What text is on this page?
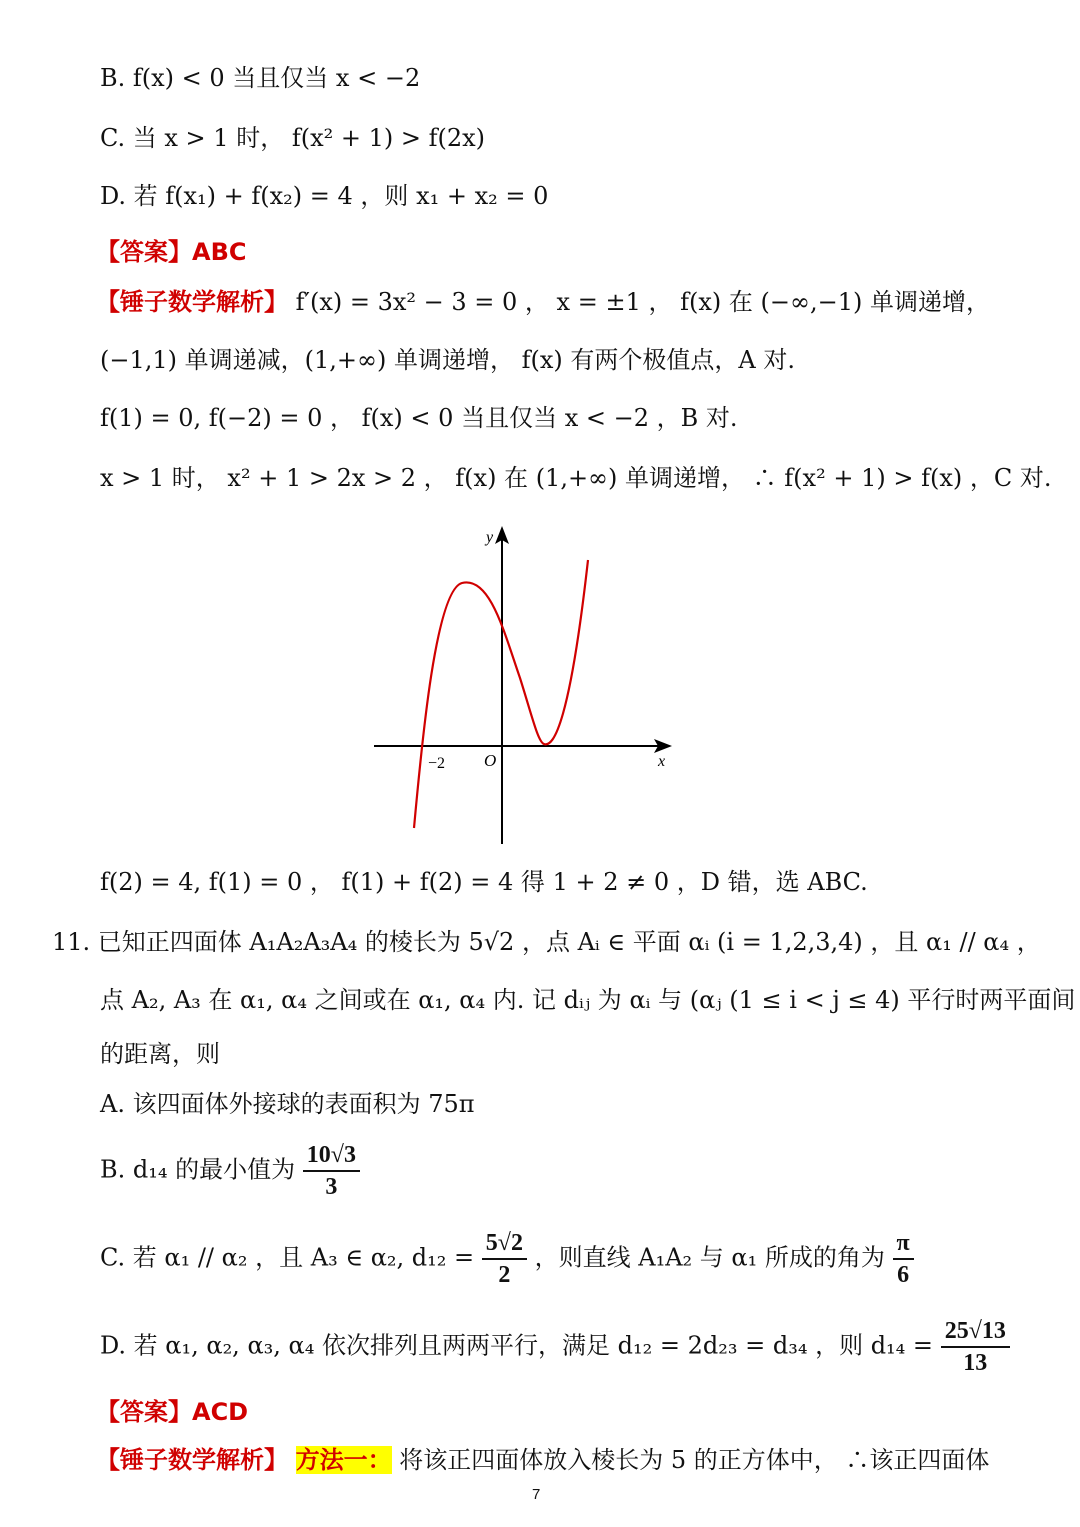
B. f(x) < 0 当且仅当 x < −2
C. 当 x > 1 时， f(x² + 1) > f(2x)
D. 若 f(x₁) + f(x₂) = 4 ，则 x₁ + x₂ = 0
【答案】ABC
【锤子数学解析】 f′(x) = 3x² − 3 = 0 ， x = ±1 ， f(x) 在 (−∞,−1) 单调递增，
(−1,1) 单调递减，(1,+∞) 单调递增， f(x) 有两个极值点，A 对.
f(1) = 0, f(−2) = 0 ， f(x) < 0 当且仅当 x < −2 ，B 对.
x > 1 时， x² + 1 > 2x > 2 ， f(x) 在 (1,+∞) 单调递增， ∴ f(x² + 1) > f(x) ，C 对.
y
x
O
−2
f(2) = 4, f(1) = 0 ， f(1) + f(2) = 4 得 1 + 2 ≠ 0 ，D 错，选 ABC.
11. 已知正四面体 A₁A₂A₃A₄ 的棱长为 5√2 ，点 Aᵢ ∈ 平面 αᵢ (i = 1,2,3,4) ，且 α₁ // α₄ ，
点 A₂, A₃ 在 α₁, α₄ 之间或在 α₁, α₄ 内. 记 dᵢⱼ 为 αᵢ 与 (αⱼ (1 ≤ i < j ≤ 4) 平行时两平面间
的距离，则
A. 该四面体外接球的表面积为 75π
B. d₁₄ 的最小值为 $\frac{10√3}{3}$
C. 若 α₁ // α₂ ，且 A₃ ∈ α₂, $d_{12} = \frac{5√2}{2}$ ，则直线 A₁A₂ 与 α₁ 所成的角为 $\frac{\pi}{6}$
D. 若 α₁, α₂, α₃, α₄ 依次排列且两两平行，满足 d₁₂ = 2d₂₃ = d₃₄ ，则 $d_{14} = \frac{25√13}{13}$
【答案】ACD
【锤子数学解析】 方法一： 将该正四面体放入棱长为 5 的正方体中， ∴该正四面体
7
